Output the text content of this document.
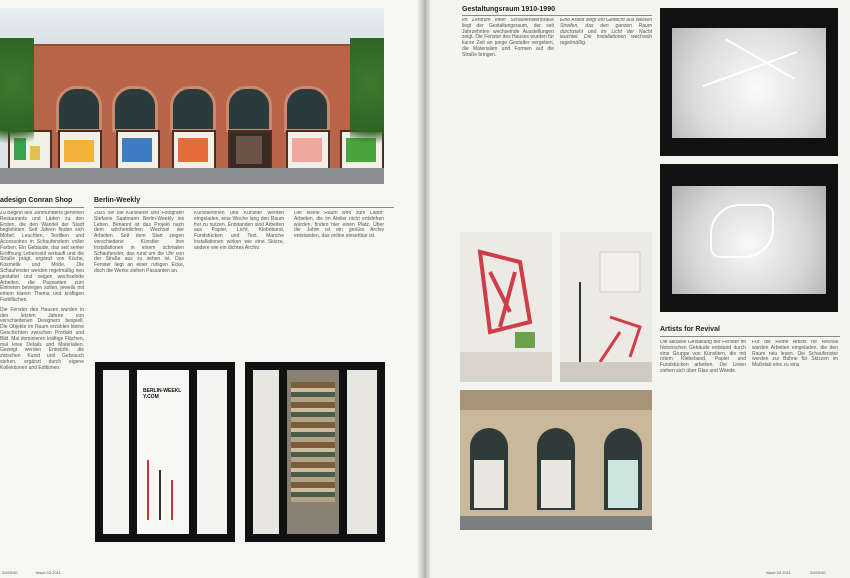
adesign Conran Shop

Zu Beginn des Jahrhunderts gehörten Restaurants und Läden zu den Ersten, die den Wandel der Stadt begleiteten. Seit Jahren finden sich Möbel, Leuchten, Textilien und Accessoires in Schaufenstern voller Farben. Ein Gebäude, das seit seiner Eröffnung Lebensstil verkauft und die Straße prägt, ergänzt von Küche, Kosmetik und Mode. Die Schaufenster werden regelmäßig neu gestaltet und zeigen wechselnde Arbeiten, die Passanten zum Eintreten bewegen sollen, jeweils mit einem klaren Thema und kräftigen Farbflächen.

Die Fenster des Hauses wurden in den letzten Jahren von verschiedenen Designern bespielt. Die Objekte im Raum erzählen kleine Geschichten zwischen Produkt und Bild. Mal dominieren kräftige Flächen, mal leise Details und Materialien. Gezeigt werden Entwürfe, die zwischen Kunst und Gebrauch stehen, ergänzt durch eigene Kollektionen und Editionen.

Berlin-Weekly
2005 rief die Künstlerin und Fotografin Stefanie Saatmann Berlin-Weekly ins Leben. Benannt ist das Projekt nach dem wöchentlichen Wechsel der Arbeiten. Seit dem Start zeigen verschiedene Künstler ihre Installationen in einem schmalen Schaufenster, das rund um die Uhr von der Straße aus zu sehen ist. Das Fenster liegt an einer ruhigen Ecke, doch die Werke ziehen Passanten an.
Künstlerinnen und Künstler werden eingeladen, eine Woche lang den Raum frei zu nutzen. Entstanden sind Arbeiten aus Papier, Licht, Klebeband, Fundstücken und Text. Manche Installationen wirken wie eine Skizze, andere wie ein dichtes Archiv.
Der kleine Raum wird zum Labor: Arbeiten, die im Atelier nicht entstehen würden, finden hier einen Platz. Über die Jahre ist ein großes Archiv entstanden, das online einsehbar ist.
BERLIN-WEEKLY.COM
20/30/40	Issue 03 2011
Gestaltungsraum 1910-1990
Im Zentrum einer Schaufensterstraße liegt der Gestaltungsraum, der seit Jahrzehnten wechselnde Ausstellungen zeigt. Die Fenster des Hauses wurden für kurze Zeit an junge Gestalter vergeben, die Materialien und Formen auf die Straße bringen.
Eine Arbeit zeigt ein Geflecht aus weißen Streifen, das den ganzen Raum durchzieht und im Licht der Nacht leuchtet. Die Installationen wechseln regelmäßig.
Artists for Revival
Die aktuelle Gestaltung der Fenster im historischen Gebäude entstand durch eine Gruppe von Künstlern, die mit rotem Klebeband, Papier und Fundstücken arbeiten. Die Linien ziehen sich über Glas und Wände.
Für die Reihe Artists for Revival wurden Arbeiten eingeladen, die den Raum neu lesen. Die Schaufenster werden zur Bühne für Skizzen im Maßstab eins zu eins.
Issue 03 2011	20/30/40
